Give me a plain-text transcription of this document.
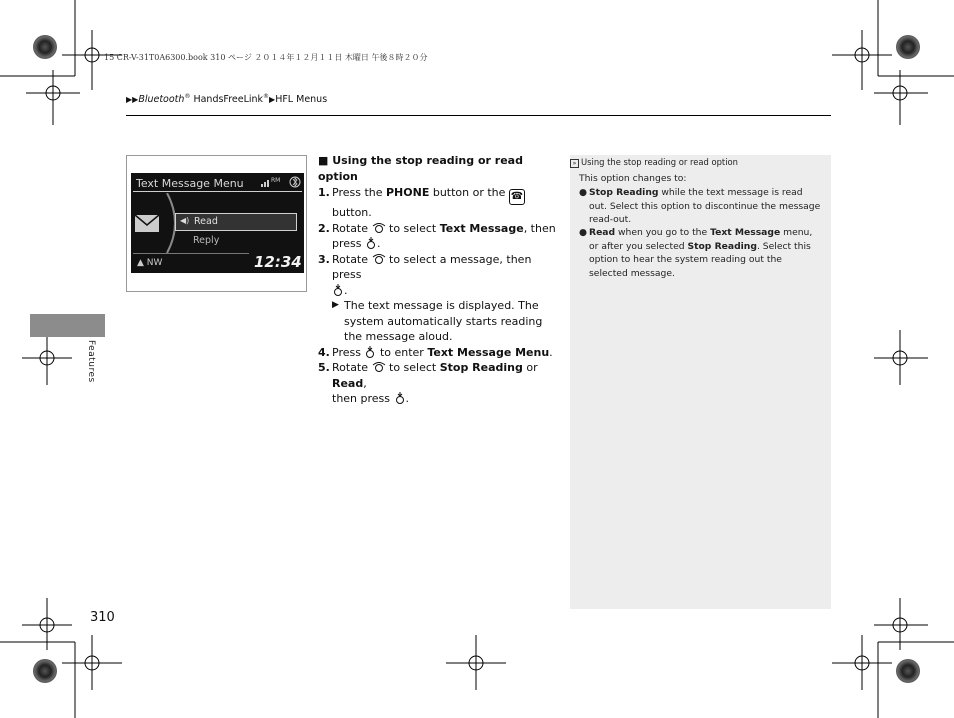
15 CR-V-31T0A6300.book 310 ページ ２０１４年１２月１１日 木曜日 午後８時２０分
▶▶Bluetooth® HandsFreeLink®▶HFL Menus
Features
310
Text Message Menu	RM
◀) Read
Reply
▲ NW	12:34
■ Using the stop reading or read option
1. Press the PHONE button or the ☎ button.
2. Rotate  to select Text Message, then
press .
3. Rotate  to select a message, then press
.
▶ The text message is displayed. The system automatically starts reading the message aloud.
4. Press  to enter Text Message Menu.
5. Rotate  to select Stop Reading or Read,
then press .
» Using the stop reading or read option
This option changes to:
● Stop Reading while the text message is read out. Select this option to discontinue the message read-out.
● Read when you go to the Text Message menu, or after you selected Stop Reading. Select this option to hear the system reading out the selected message.
